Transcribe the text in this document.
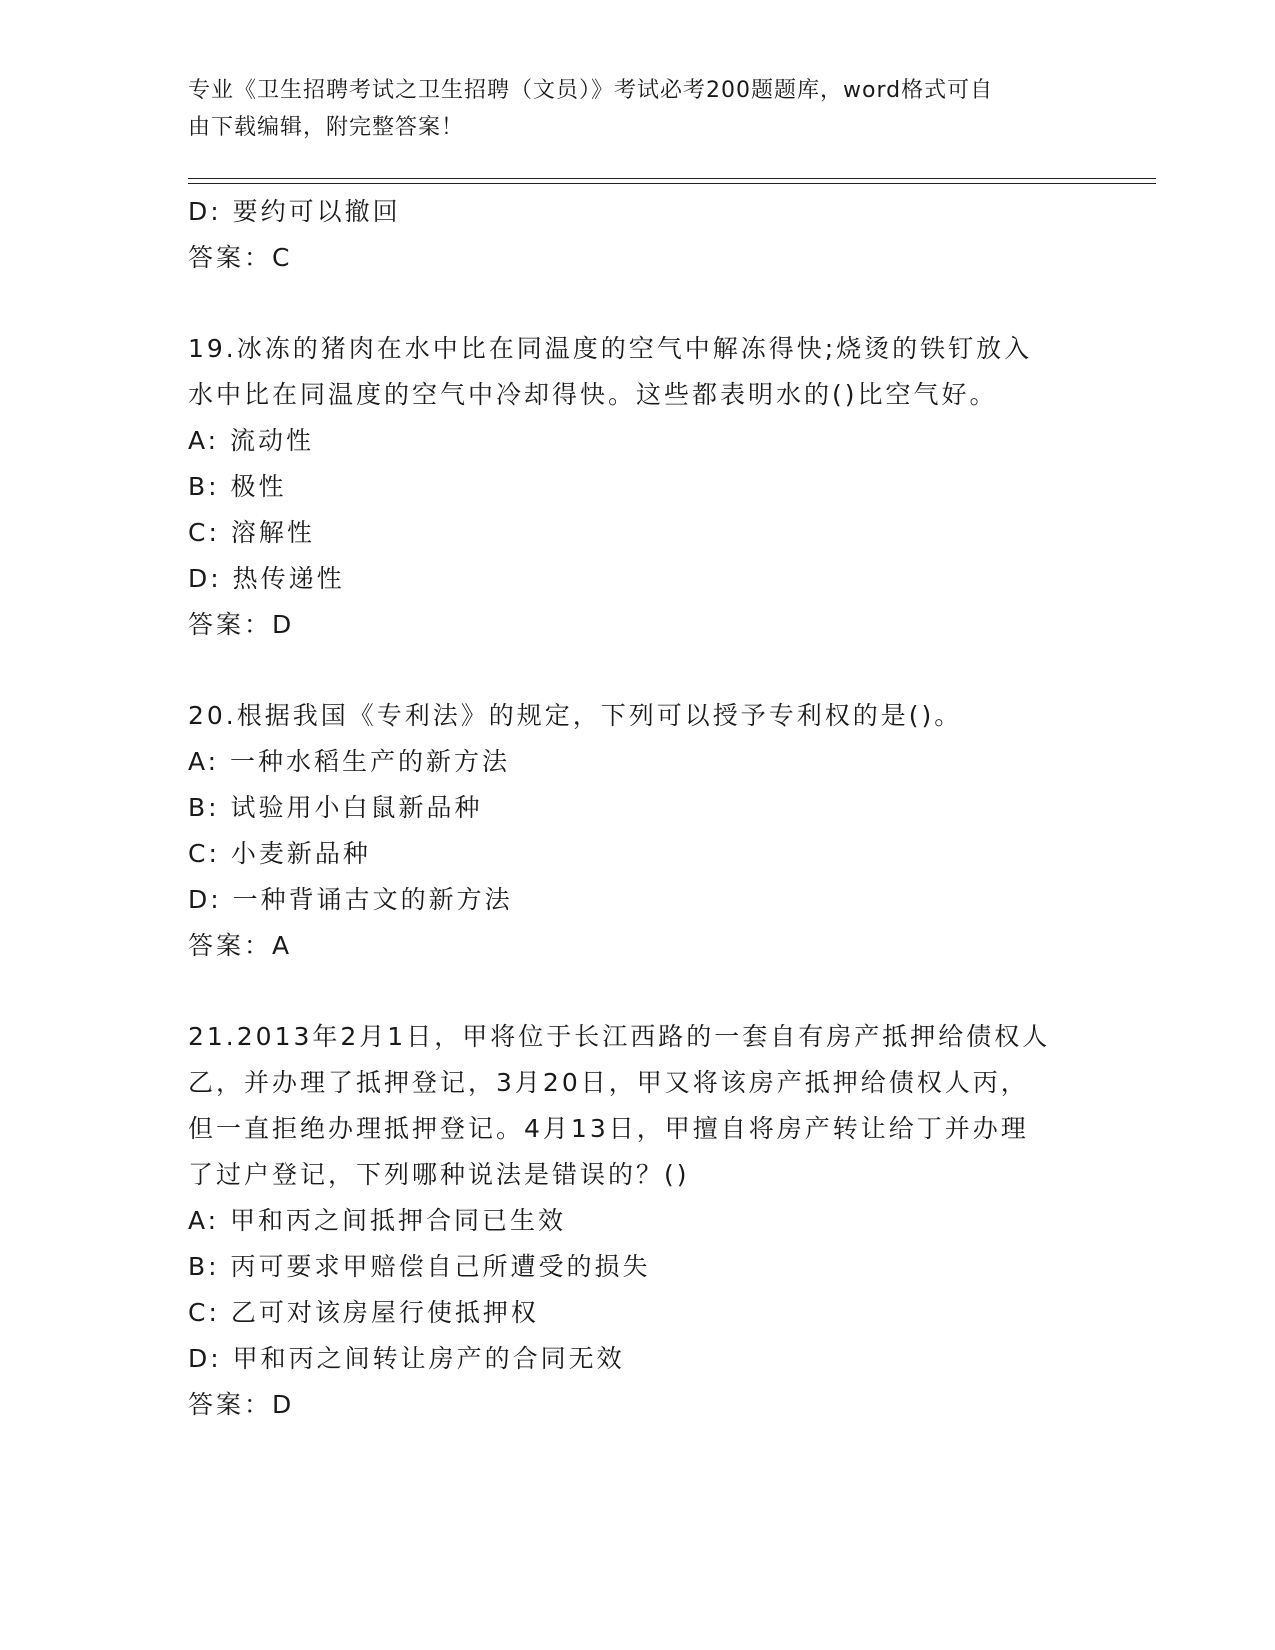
专业《卫生招聘考试之卫生招聘（文员）》考试必考200题题库，word格式可自
由下载编辑，附完整答案！
D: 要约可以撤回
答案：C
19.冰冻的猪肉在水中比在同温度的空气中解冻得快;烧烫的铁钉放入
水中比在同温度的空气中冷却得快。这些都表明水的()比空气好。
A: 流动性
B: 极性
C: 溶解性
D: 热传递性
答案：D
20.根据我国《专利法》的规定，下列可以授予专利权的是()。
A: 一种水稻生产的新方法
B: 试验用小白鼠新品种
C: 小麦新品种
D: 一种背诵古文的新方法
答案：A
21.2013年2月1日，甲将位于长江西路的一套自有房产抵押给债权人
乙，并办理了抵押登记，3月20日，甲又将该房产抵押给债权人丙，
但一直拒绝办理抵押登记。4月13日，甲擅自将房产转让给丁并办理
了过户登记，下列哪种说法是错误的？()
A: 甲和丙之间抵押合同已生效
B: 丙可要求甲赔偿自己所遭受的损失
C: 乙可对该房屋行使抵押权
D: 甲和丙之间转让房产的合同无效
答案：D
